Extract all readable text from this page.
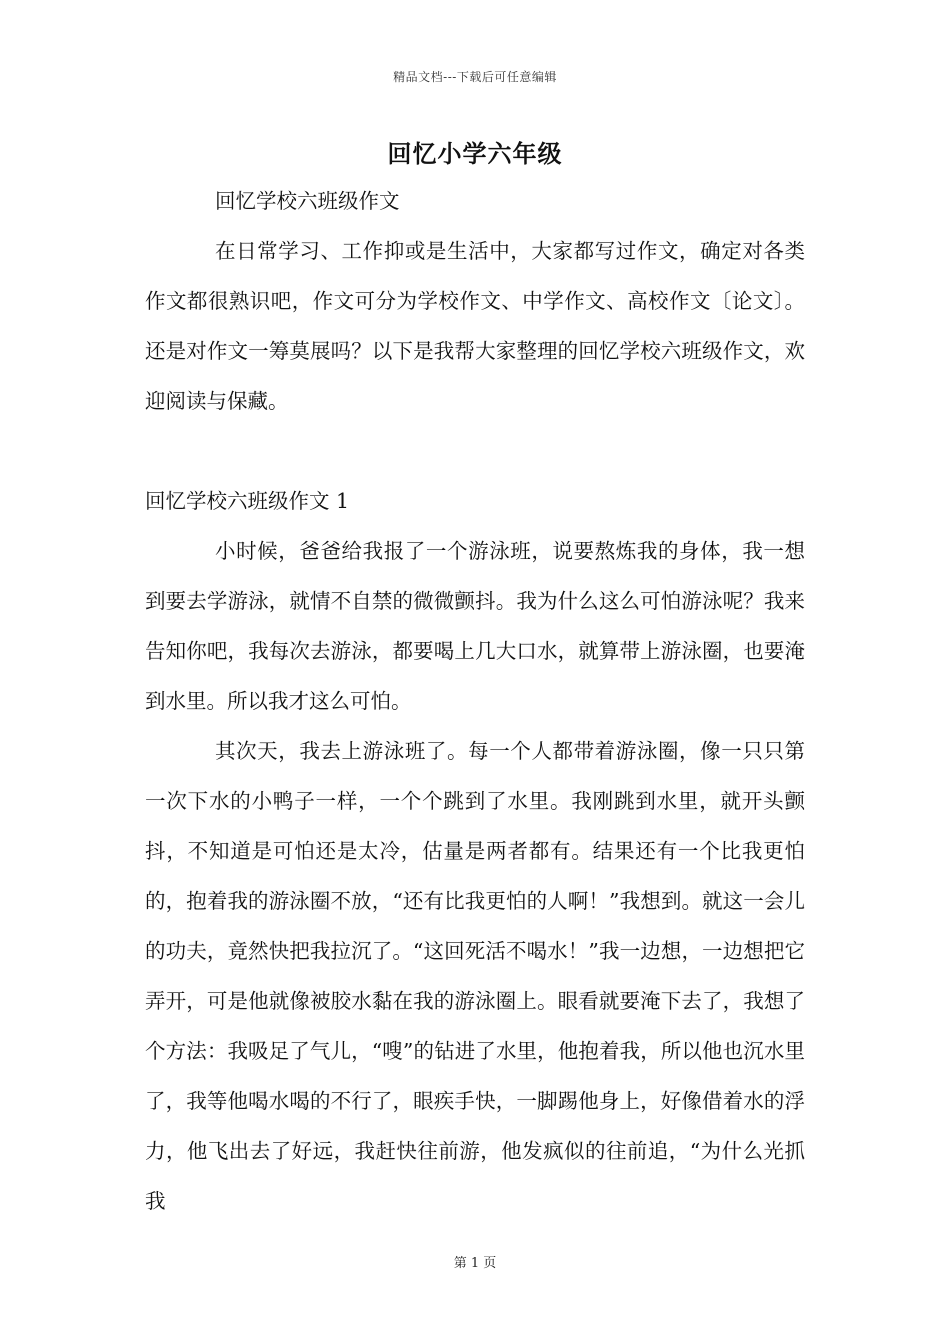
精品文档---下载后可任意编辑
回忆小学六年级

回忆学校六班级作文

在日常学习、工作抑或是生活中，大家都写过作文，确定对各类作文都很熟识吧，作文可分为学校作文、中学作文、高校作文〔论文〕。还是对作文一筹莫展吗？以下是我帮大家整理的回忆学校六班级作文，欢迎阅读与保藏。

回忆学校六班级作文 1

小时候，爸爸给我报了一个游泳班，说要熬炼我的身体，我一想到要去学游泳，就情不自禁的微微颤抖。我为什么这么可怕游泳呢？我来告知你吧，我每次去游泳，都要喝上几大口水，就算带上游泳圈，也要淹到水里。所以我才这么可怕。

其次天，我去上游泳班了。每一个人都带着游泳圈，像一只只第一次下水的小鸭子一样，一个个跳到了水里。我刚跳到水里，就开头颤抖，不知道是可怕还是太冷，估量是两者都有。结果还有一个比我更怕的，抱着我的游泳圈不放，“还有比我更怕的人啊！”我想到。就这一会儿的功夫，竟然快把我拉沉了。“这回死活不喝水！”我一边想，一边想把它弄开，可是他就像被胶水黏在我的游泳圈上。眼看就要淹下去了，我想了个方法：我吸足了气儿，“嗖”的钻进了水里，他抱着我，所以他也沉水里了，我等他喝水喝的不行了，眼疾手快，一脚踢他身上，好像借着水的浮力，他飞出去了好远，我赶快往前游，他发疯似的往前追，“为什么光抓我

第 1 页
